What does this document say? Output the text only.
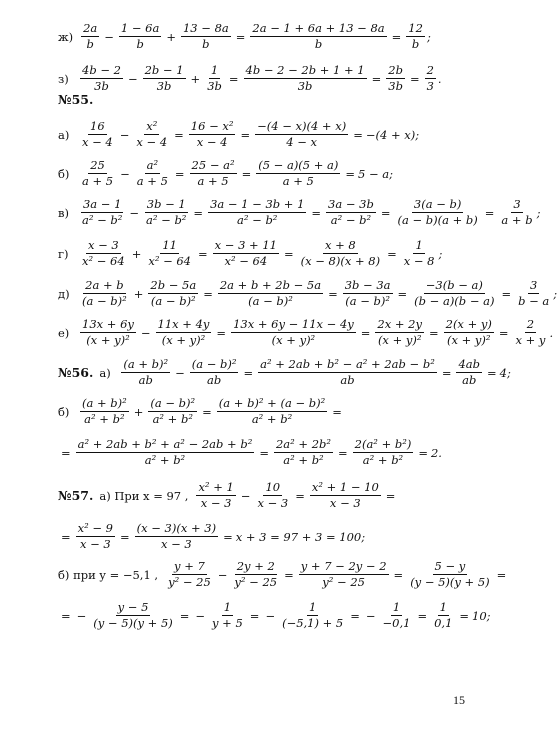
$ж) \frac{2a}{b} - \frac{1 - 6a}{b} + \frac{13 - 8a}{b} = \frac{2a - 1 + 6a + 13 - 8a}{b} = \frac{12}{b}$ ;
$з) \frac{4b - 2}{3b} - \frac{2b - 1}{3b} + \frac{1}{3b} = \frac{4b - 2 - 2b + 1 + 1}{3b} = \frac{2b}{3b} = \frac{2}{3}$ .
№55.
$а) \frac{16}{x - 4} - \frac{\text{x²}}{x - 4} = \frac{\text{16 − x²}}{x - 4} = \frac{-(4 - x)(4 + x)}{4 - x} = -(4 + x)$;
$б) \frac{25}{a + 5} - \frac{\text{a²}}{a + 5} = \frac{\text{25 − a²}}{a + 5} = \frac{(5 - a)(5 + a)}{a + 5} = 5 - a$;
$в) \frac{3a - 1}{\text{a² − b²}} - \frac{3b - 1}{\text{a² − b²}} = \frac{3a - 1 - 3b + 1}{\text{a² − b²}} = \frac{3a - 3b}{\text{a² − b²}} = \frac{3(a - b)}{(a - b)(a + b)} = \frac{3}{a + b}$ ;
$г) \frac{x - 3}{\text{x² − 64}} + \frac{11}{\text{x² − 64}} = \frac{x - 3 + 11}{\text{x² − 64}} = \frac{x + 8}{(x - 8)(x + 8)} = \frac{1}{x - 8}$ ;
$д) \frac{2a + b}{\text{(a − b)²}} + \frac{2b - 5a}{\text{(a − b)²}} = \frac{2a + b + 2b - 5a}{\text{(a − b)²}} = \frac{3b - 3a}{\text{(a − b)²}} = \frac{-3(b - a)}{(b - a)(b - a)} = \frac{3}{b - a}$ ;
$е) \frac{13x + 6y}{\text{(x + y)²}} - \frac{11x + 4y}{\text{(x + y)²}} = \frac{13x + 6y - 11x - 4y}{\text{(x + y)²}} = \frac{2x + 2y}{\text{(x + y)²}} = \frac{2(x + y)}{\text{(x + y)²}} = \frac{2}{x + y}$ .
№56. $а) \frac{\text{(a + b)²}}{ab} - \frac{\text{(a − b)²}}{ab} = \frac{\text{a² + 2ab + b² − a² + 2ab − b²}}{ab} = \frac{4ab}{ab} = 4$;
$б) \frac{\text{(a + b)²}}{\text{a² + b²}} + \frac{\text{(a − b)²}}{\text{a² + b²}} = \frac{\text{(a + b)² + (a − b)²}}{\text{a² + b²}}$ =
= $\frac{\text{a² + 2ab + b² + a² − 2ab + b²}}{\text{a² + b²}} = \frac{\text{2a² + 2b²}}{\text{a² + b²}} = \frac{\text{2(a² + b²)}}{\text{a² + b²}} = 2$.
№57. а) При x = 97 , $\frac{\text{x² + 1}}{x - 3} - \frac{10}{x - 3} = \frac{\text{x² + 1 − 10}}{x - 3}$ =
= $\frac{\text{x² − 9}}{x - 3} = \frac{(x - 3)(x + 3)}{x - 3} = x + 3 = 97 + 3 = 100$;
б) при y = −5,1 , $\frac{y + 7}{\text{y² − 25}} - \frac{2y + 2}{\text{y² − 25}} = \frac{y + 7 - 2y - 2}{\text{y² − 25}} = \frac{5 - y}{(y - 5)(y + 5)}$ =
= − $\frac{y - 5}{(y - 5)(y + 5)}$ = − $\frac{1}{y + 5}$ = − $\frac{1}{(-5,1) + 5}$ = − $\frac{1}{-0,1} = \frac{1}{0,1} = 10$;
15
